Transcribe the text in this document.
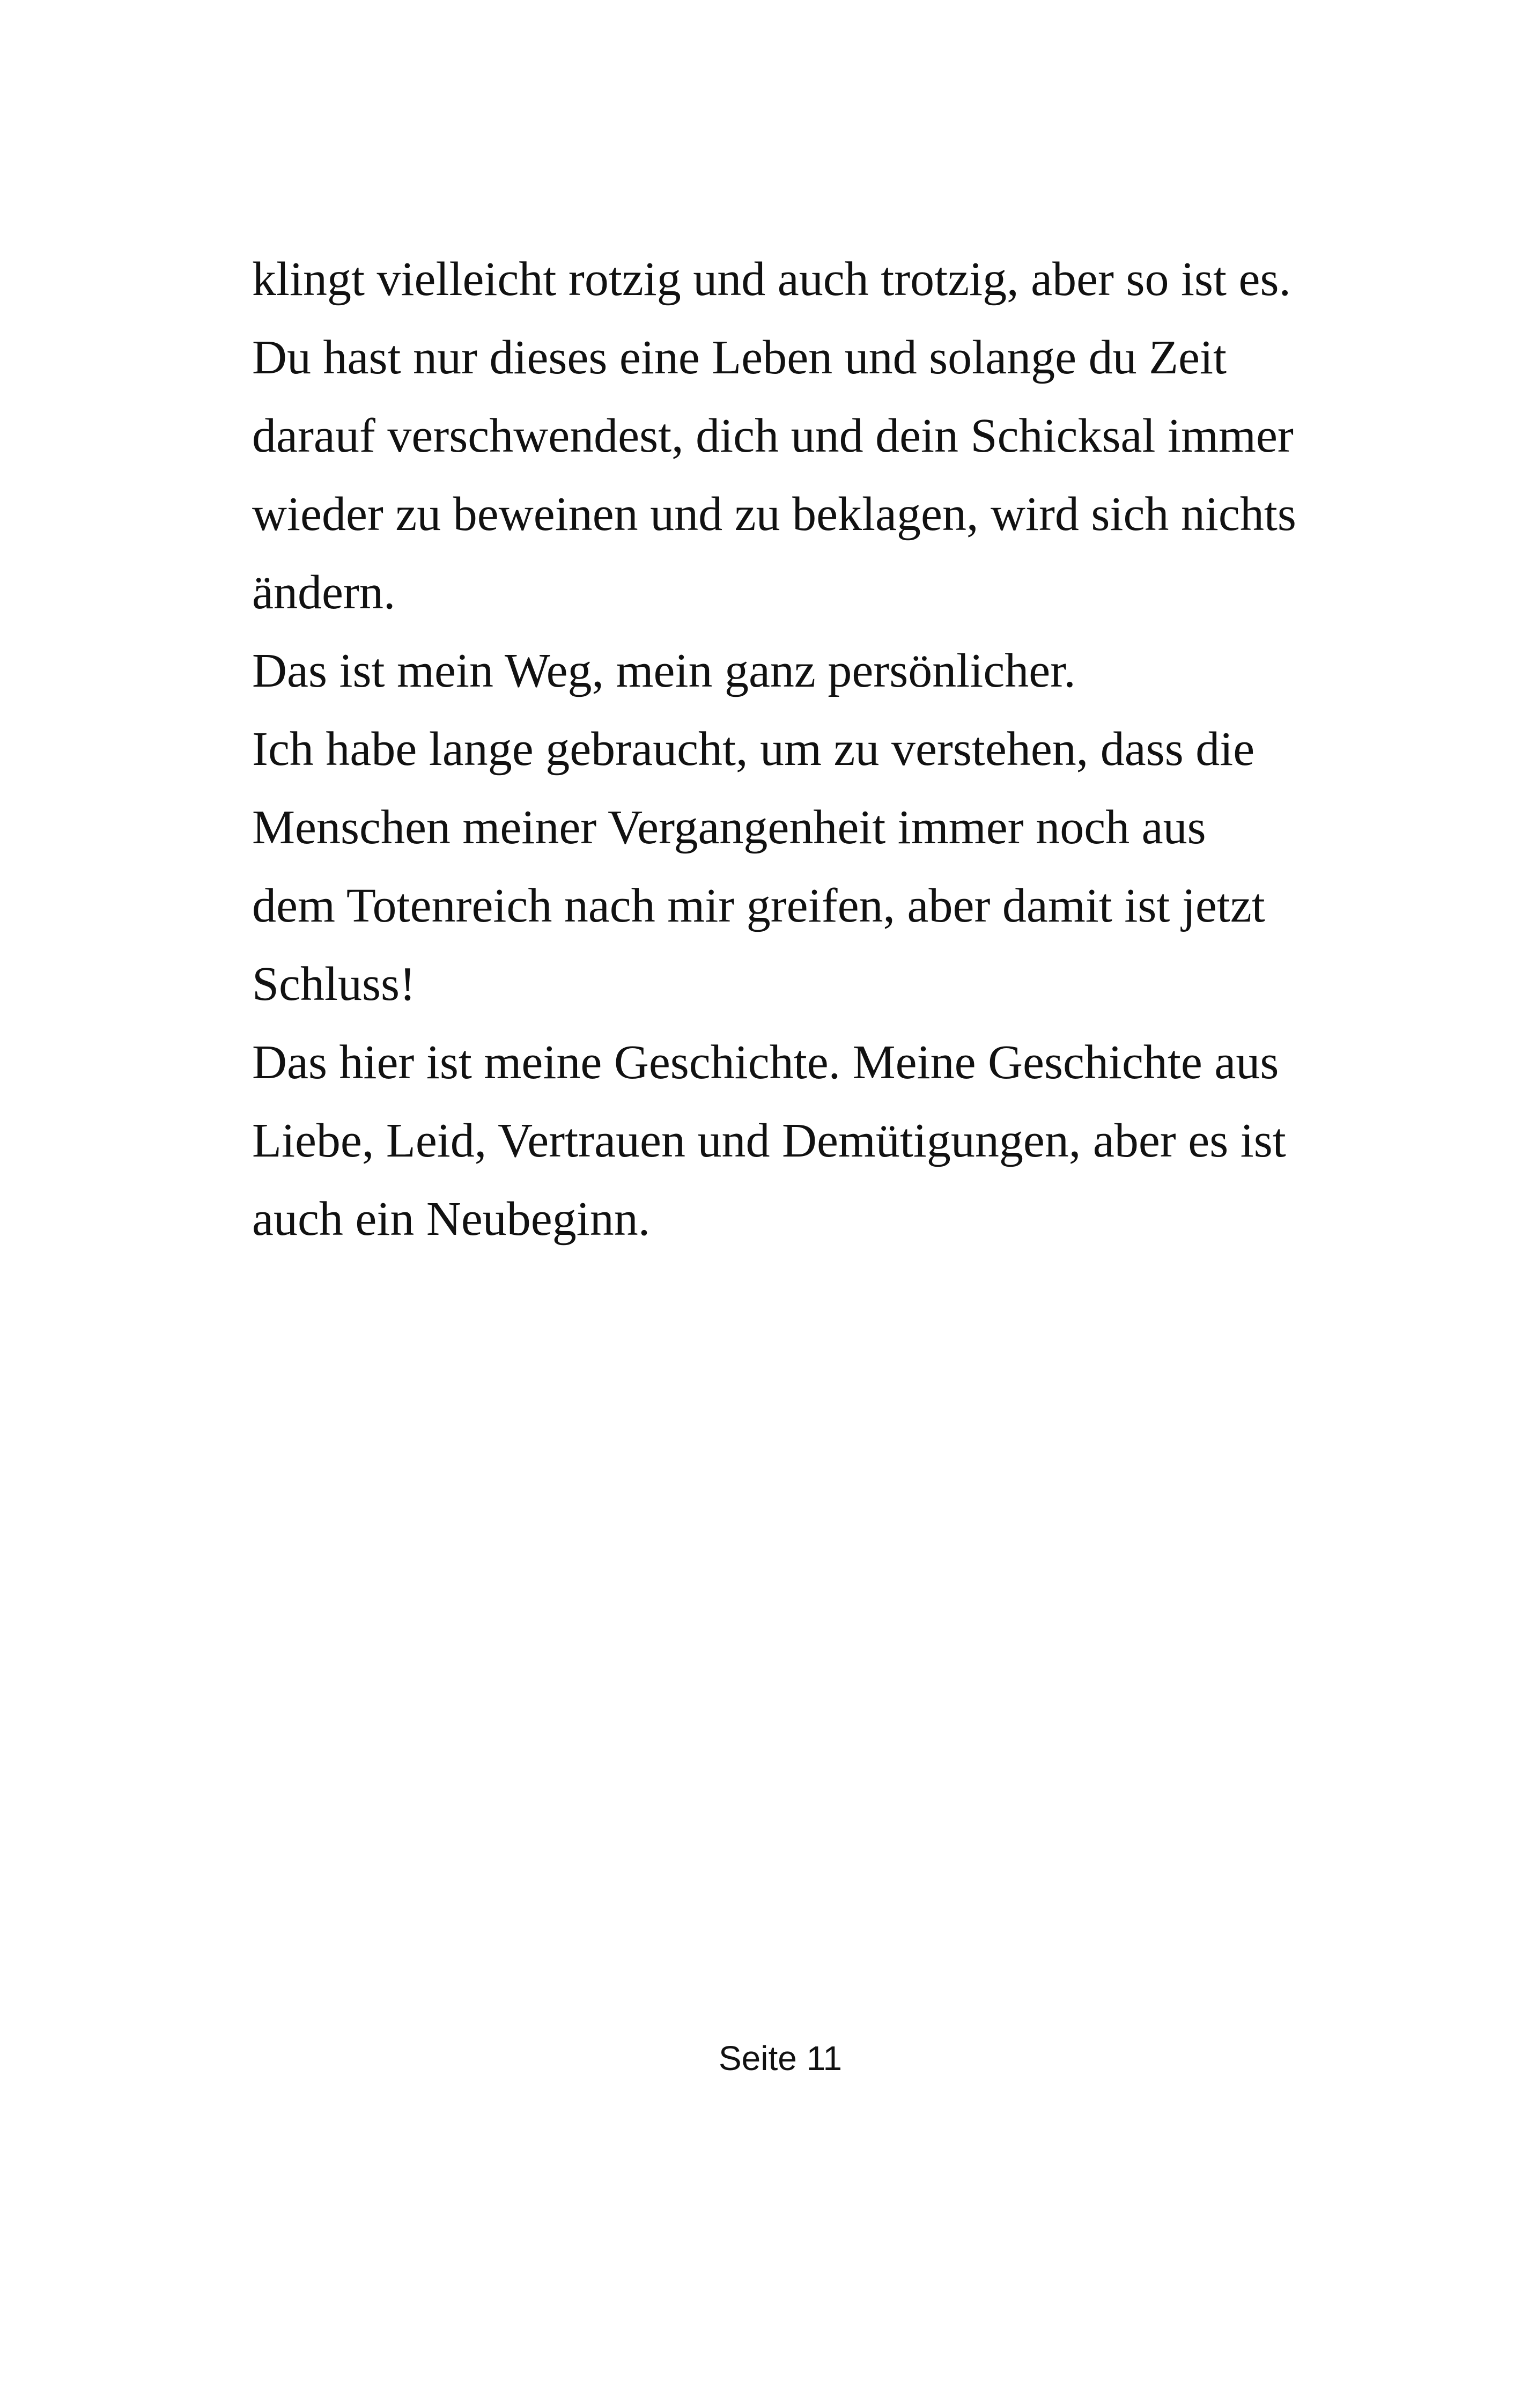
klingt vielleicht rotzig und auch trotzig, aber so ist es.
Du hast nur dieses eine Leben und solange du Zeit
darauf verschwendest, dich und dein Schicksal immer
wieder zu beweinen und zu beklagen, wird sich nichts
ändern.
Das ist mein Weg, mein ganz persönlicher.
Ich habe lange gebraucht, um zu verstehen, dass die
Menschen meiner Vergangenheit immer noch aus
dem Totenreich nach mir greifen, aber damit ist jetzt
Schluss!
Das hier ist meine Geschichte. Meine Geschichte aus
Liebe, Leid, Vertrauen und Demütigungen, aber es ist
auch ein Neubeginn.
Seite 11
